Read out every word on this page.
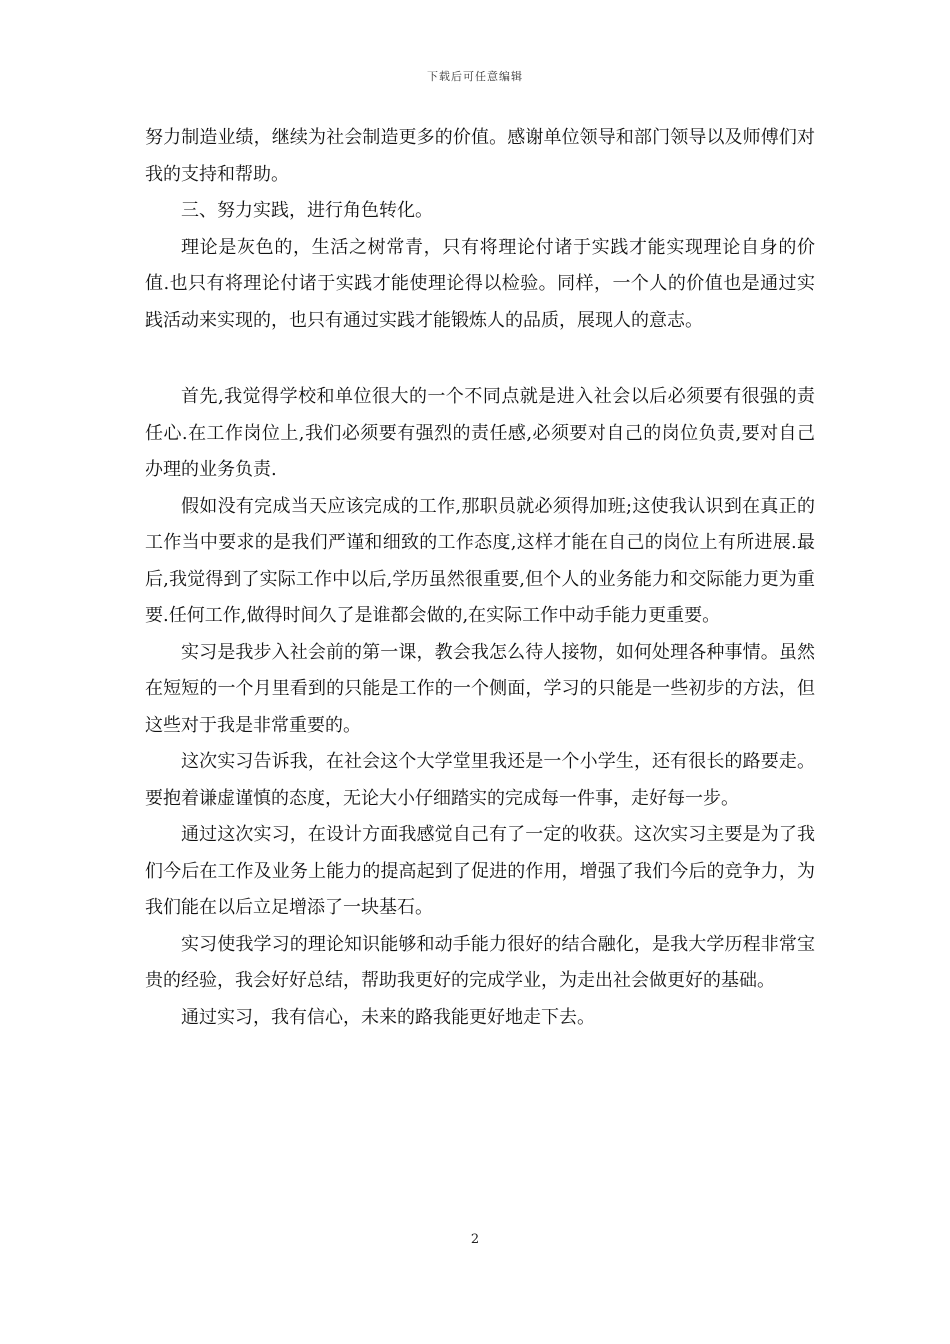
下载后可任意编辑

努力制造业绩，继续为社会制造更多的价值。感谢单位领导和部门领导以及师傅们对我的支持和帮助。

三、努力实践，进行角色转化。

理论是灰色的，生活之树常青，只有将理论付诸于实践才能实现理论自身的价值.也只有将理论付诸于实践才能使理论得以检验。同样，一个人的价值也是通过实践活动来实现的，也只有通过实践才能锻炼人的品质，展现人的意志。

首先,我觉得学校和单位很大的一个不同点就是进入社会以后必须要有很强的责任心.在工作岗位上,我们必须要有强烈的责任感,必须要对自己的岗位负责,要对自己办理的业务负责.

假如没有完成当天应该完成的工作,那职员就必须得加班;这使我认识到在真正的工作当中要求的是我们严谨和细致的工作态度,这样才能在自己的岗位上有所进展.最后,我觉得到了实际工作中以后,学历虽然很重要,但个人的业务能力和交际能力更为重要.任何工作,做得时间久了是谁都会做的,在实际工作中动手能力更重要。

实习是我步入社会前的第一课，教会我怎么待人接物，如何处理各种事情。虽然在短短的一个月里看到的只能是工作的一个侧面，学习的只能是一些初步的方法，但这些对于我是非常重要的。

这次实习告诉我，在社会这个大学堂里我还是一个小学生，还有很长的路要走。要抱着谦虚谨慎的态度，无论大小仔细踏实的完成每一件事，走好每一步。

通过这次实习，在设计方面我感觉自己有了一定的收获。这次实习主要是为了我们今后在工作及业务上能力的提高起到了促进的作用，增强了我们今后的竞争力，为我们能在以后立足增添了一块基石。

实习使我学习的理论知识能够和动手能力很好的结合融化，是我大学历程非常宝贵的经验，我会好好总结，帮助我更好的完成学业，为走出社会做更好的基础。

通过实习，我有信心，未来的路我能更好地走下去。

2
